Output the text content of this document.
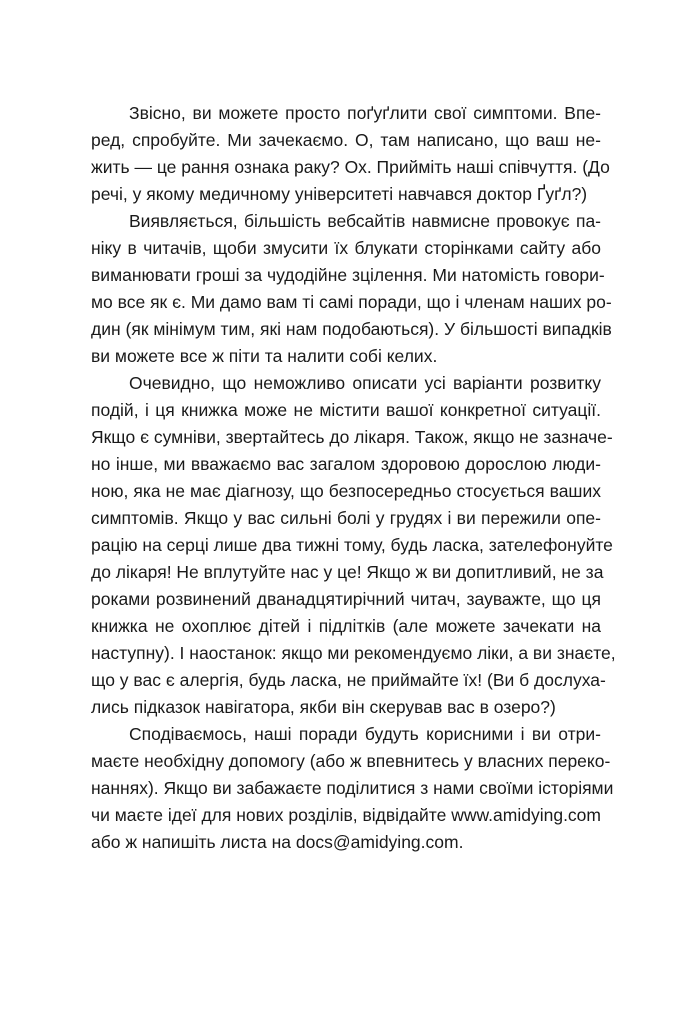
Звісно, ви можете просто поґуґлити свої симптоми. Впе-
ред, спробуйте. Ми зачекаємо. О, там написано, що ваш не-
жить — це рання ознака раку? Ох. Прийміть наші співчуття. (До
речі, у якому медичному університеті навчався доктор Ґуґл?)
Виявляється, більшість вебсайтів навмисне провокує па-
ніку в читачів, щоби змусити їх блукати сторінками сайту або
виманювати гроші за чудодійне зцілення. Ми натомість говори-
мо все як є. Ми дамо вам ті самі поради, що і членам наших ро-
дин (як мінімум тим, які нам подобаються). У більшості випадків
ви можете все ж піти та налити собі келих.
Очевидно, що неможливо описати усі варіанти розвитку
подій, і ця книжка може не містити вашої конкретної ситуації.
Якщо є сумніви, звертайтесь до лікаря. Також, якщо не зазначе-
но інше, ми вважаємо вас загалом здоровою дорослою люди-
ною, яка не має діагнозу, що безпосередньо стосується ваших
симптомів. Якщо у вас сильні болі у грудях і ви пережили опе-
рацію на серці лише два тижні тому, будь ласка, зателефонуйте
до лікаря! Не вплутуйте нас у це! Якщо ж ви допитливий, не за
роками розвинений дванадцятирічний читач, зауважте, що ця
книжка не охоплює дітей і підлітків (але можете зачекати на
наступну). І наостанок: якщо ми рекомендуємо ліки, а ви знаєте,
що у вас є алергія, будь ласка, не приймайте їх! (Ви б дослуха-
лись підказок навігатора, якби він скерував вас в озеро?)
Сподіваємось, наші поради будуть корисними і ви отри-
маєте необхідну допомогу (або ж впевнитесь у власних переко-
наннях). Якщо ви забажаєте поділитися з нами своїми історіями
чи маєте ідеї для нових розділів, відвідайте www.amidying.com
або ж напишіть листа на docs@amidying.com.
